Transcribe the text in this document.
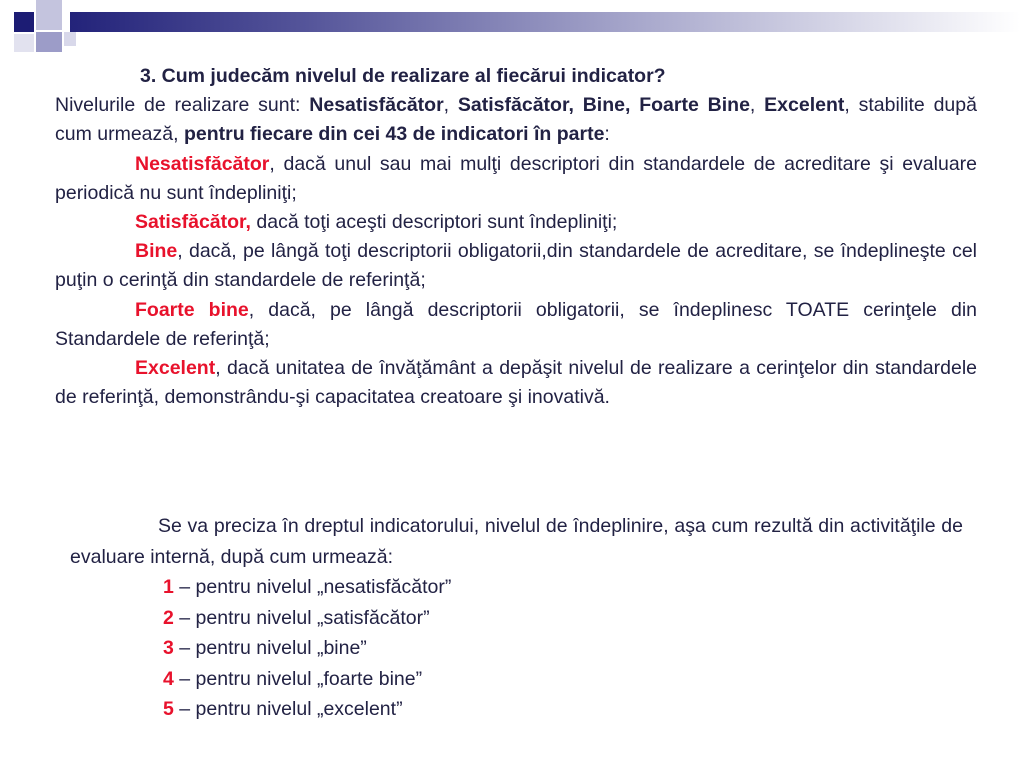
3. Cum judecăm nivelul de realizare al fiecărui indicator?

Nivelurile de realizare sunt: Nesatisfăcător, Satisfăcător, Bine, Foarte Bine, Excelent, stabilite după cum urmează, pentru fiecare din cei 43 de indicatori în parte:

Nesatisfăcător, dacă unul sau mai mulţi descriptori din standardele de acreditare şi evaluare periodică nu sunt îndepliniţi;

Satisfăcător, dacă toţi aceşti descriptori sunt îndepliniţi;

Bine, dacă, pe lângă toţi descriptorii obligatorii,din standardele de acreditare, se îndeplineşte cel puţin o cerinţă din standardele de referinţă;

Foarte bine, dacă, pe lângă descriptorii obligatorii, se îndeplinesc TOATE cerinţele din Standardele de referinţă;

Excelent, dacă unitatea de învăţământ a depăşit nivelul de realizare a cerinţelor din standardele de referinţă, demonstrându-şi capacitatea creatoare şi inovativă.

Se va preciza în dreptul indicatorului, nivelul de îndeplinire, aşa cum rezultă din activităţile de evaluare internă, după cum urmează:

1 – pentru nivelul „nesatisfăcător”
2 – pentru nivelul „satisfăcător”
3 – pentru nivelul „bine”
4 – pentru nivelul „foarte bine”
5 – pentru nivelul „excelent”
